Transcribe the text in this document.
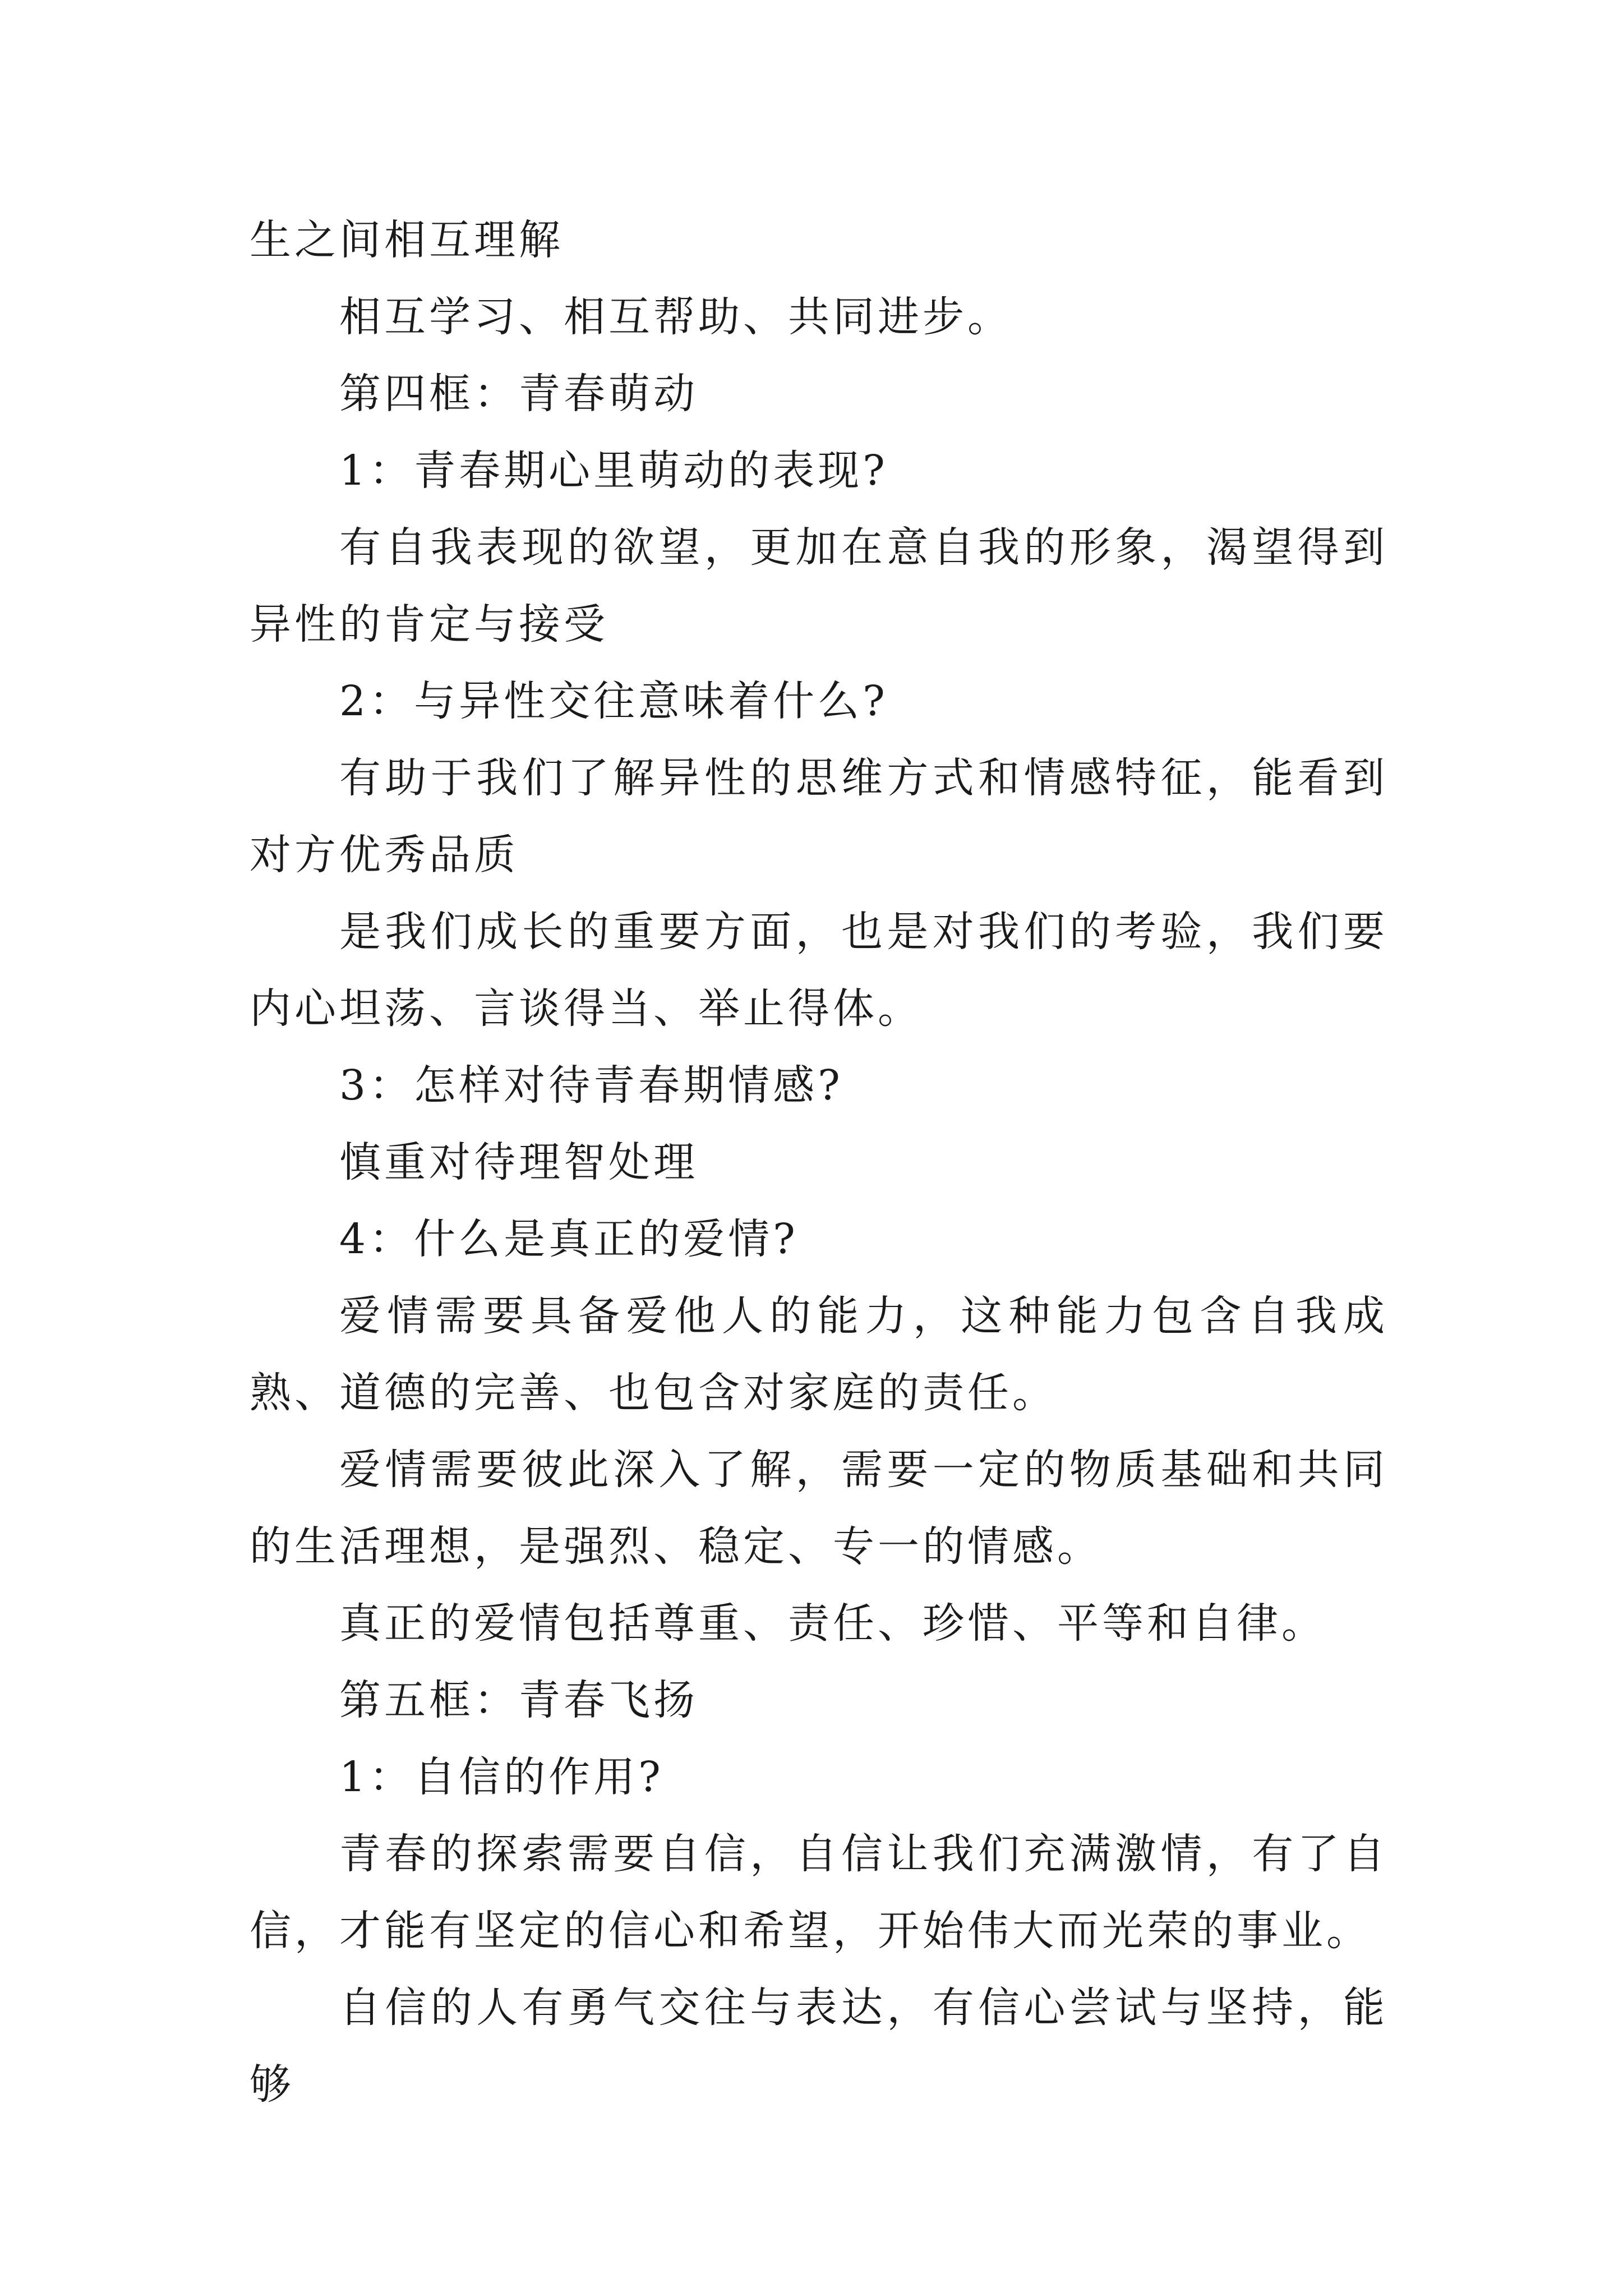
生之间相互理解

相互学习、相互帮助、共同进步。

第四框：青春萌动

1：青春期心里萌动的表现?

有自我表现的欲望，更加在意自我的形象，渴望得到异性的肯定与接受

2：与异性交往意味着什么?

有助于我们了解异性的思维方式和情感特征，能看到对方优秀品质

是我们成长的重要方面，也是对我们的考验，我们要内心坦荡、言谈得当、举止得体。

3：怎样对待青春期情感?

慎重对待理智处理

4：什么是真正的爱情?

爱情需要具备爱他人的能力，这种能力包含自我成熟、道德的完善、也包含对家庭的责任。

爱情需要彼此深入了解，需要一定的物质基础和共同的生活理想，是强烈、稳定、专一的情感。

真正的爱情包括尊重、责任、珍惜、平等和自律。

第五框：青春飞扬

1：自信的作用?

青春的探索需要自信，自信让我们充满激情，有了自信，才能有坚定的信心和希望，开始伟大而光荣的事业。

自信的人有勇气交往与表达，有信心尝试与坚持，能够
